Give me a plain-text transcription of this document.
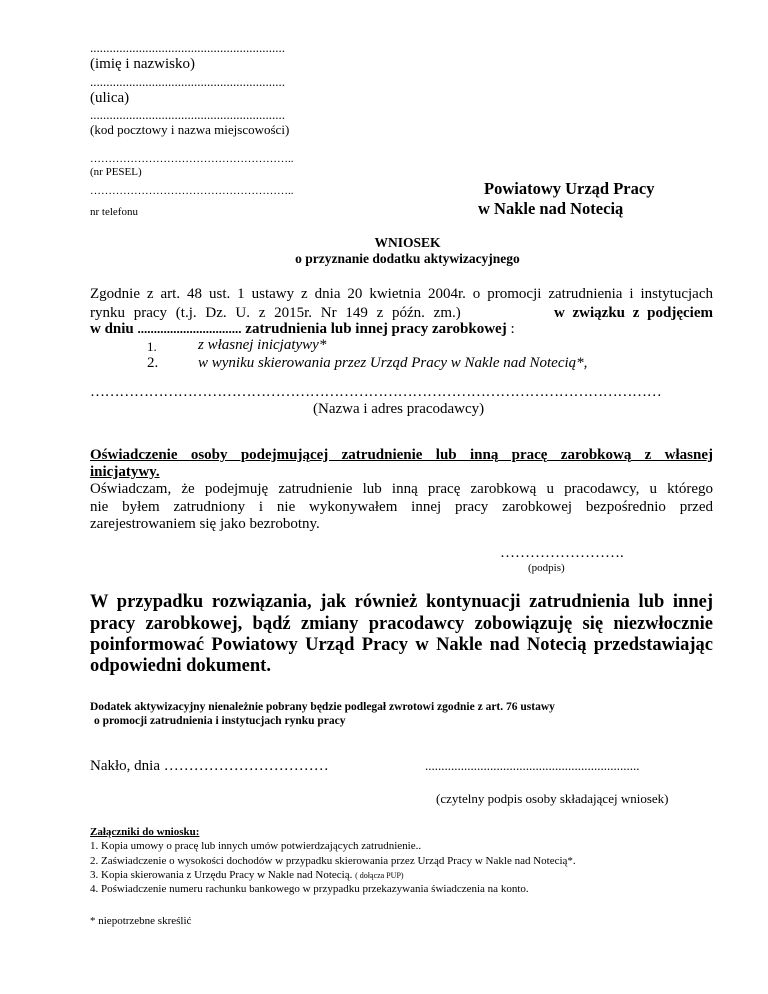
............................................................
(imię i nazwisko)
............................................................
(ulica)
............................................................
(kod pocztowy i nazwa miejscowości)
………………………………………………..
(nr PESEL)
………………………………………………..
nr telefonu
Powiatowy Urząd Pracy
w Nakle nad Notecią
WNIOSEK
o przyznanie dodatku aktywizacyjnego
Zgodnie z art. 48 ust. 1 ustawy z dnia 20 kwietnia 2004r. o promocji zatrudnienia i instytucjach
rynku pracy (t.j. Dz. U. z 2015r. Nr 149 z późn. zm.)	w związku z podjęciem
w dniu ................................ zatrudnienia lub innej pracy zarobkowej :
1.	z własnej inicjatywy*
2.	w wyniku skierowania przez Urząd Pracy w Nakle nad Notecią*,
………………………………………………………………………………………………………
(Nazwa i adres pracodawcy)
Oświadczenie osoby podejmującej zatrudnienie lub inną pracę zarobkową z własnej
inicjatywy.
Oświadczam, że podejmuję zatrudnienie lub inną pracę zarobkową u pracodawcy, u którego
nie byłem zatrudniony i nie wykonywałem innej pracy zarobkowej bezpośrednio przed
zarejestrowaniem się jako bezrobotny.
…………………….
(podpis)
W przypadku rozwiązania, jak również kontynuacji zatrudnienia lub innej
pracy zarobkowej, bądź zmiany pracodawcy zobowiązuję się niezwłocznie
poinformować Powiatowy Urząd Pracy w Nakle nad Notecią przedstawiając
odpowiedni dokument.
Dodatek aktywizacyjny nienależnie pobrany będzie podlegał zwrotowi zgodnie z art. 76 ustawy
o promocji zatrudnienia i instytucjach rynku pracy
Nakło, dnia ……………………………	..................................................................
(czytelny podpis osoby składającej wniosek)
Załączniki do wniosku:
1. Kopia umowy o pracę lub innych umów potwierdzających zatrudnienie..
2. Zaświadczenie o wysokości dochodów w przypadku skierowania przez Urząd Pracy w Nakle nad Notecią*.
3. Kopia skierowania z Urzędu Pracy w Nakle nad Notecią. ( dołącza PUP)
4. Poświadczenie numeru rachunku bankowego w przypadku przekazywania świadczenia na konto.
* niepotrzebne skreślić
